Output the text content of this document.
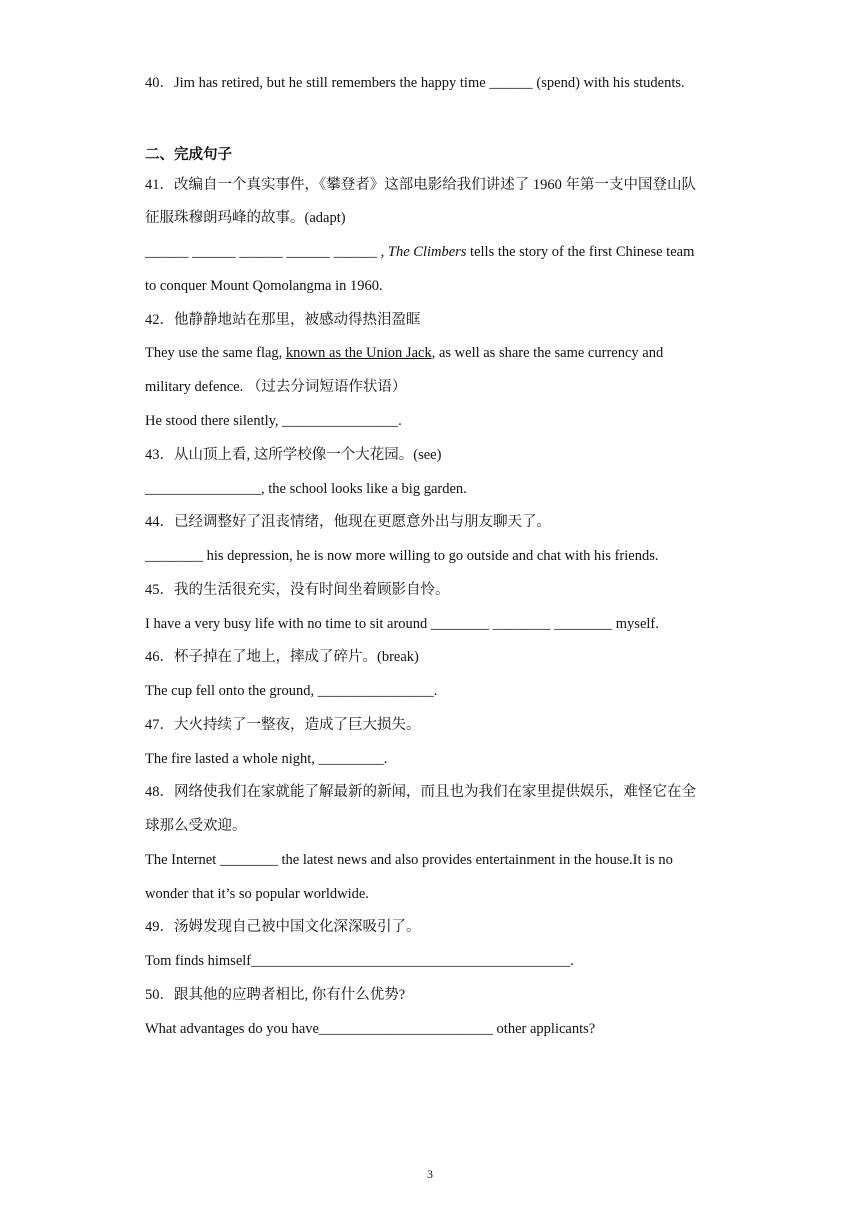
40．Jim has retired, but he still remembers the happy time ______ (spend) with his students.
二、完成句子
41．改编自一个真实事件，《攀登者》这部电影给我们讲述了 1960 年第一支中国登山队
征服珠穆朗玛峰的故事。(adapt)
______ ______ ______ ______ ______ , The Climbers tells the story of the first Chinese team
to conquer Mount Qomolangma in 1960.
42．他静静地站在那里，被感动得热泪盈眶
They use the same flag, known as the Union Jack, as well as share the same currency and
military defence. （过去分词短语作状语）
He stood there silently, ________________.
43．从山顶上看, 这所学校像一个大花园。(see)
________________, the school looks like a big garden.
44．已经调整好了沮丧情绪，他现在更愿意外出与朋友聊天了。
________ his depression, he is now more willing to go outside and chat with his friends.
45．我的生活很充实，没有时间坐着顾影自怜。
I have a very busy life with no time to sit around ________ ________ ________ myself.
46．杯子掉在了地上，摔成了碎片。(break)
The cup fell onto the ground, ________________.
47．大火持续了一整夜，造成了巨大损失。
The fire lasted a whole night, _________.
48．网络使我们在家就能了解最新的新闻，而且也为我们在家里提供娱乐，难怪它在全
球那么受欢迎。
The Internet ________ the latest news and also provides entertainment in the house.It is no
wonder that it’s so popular worldwide.
49．汤姆发现自己被中国文化深深吸引了。
Tom finds himself____________________________________________.
50．跟其他的应聘者相比, 你有什么优势?
What advantages do you have________________________ other applicants?
3
